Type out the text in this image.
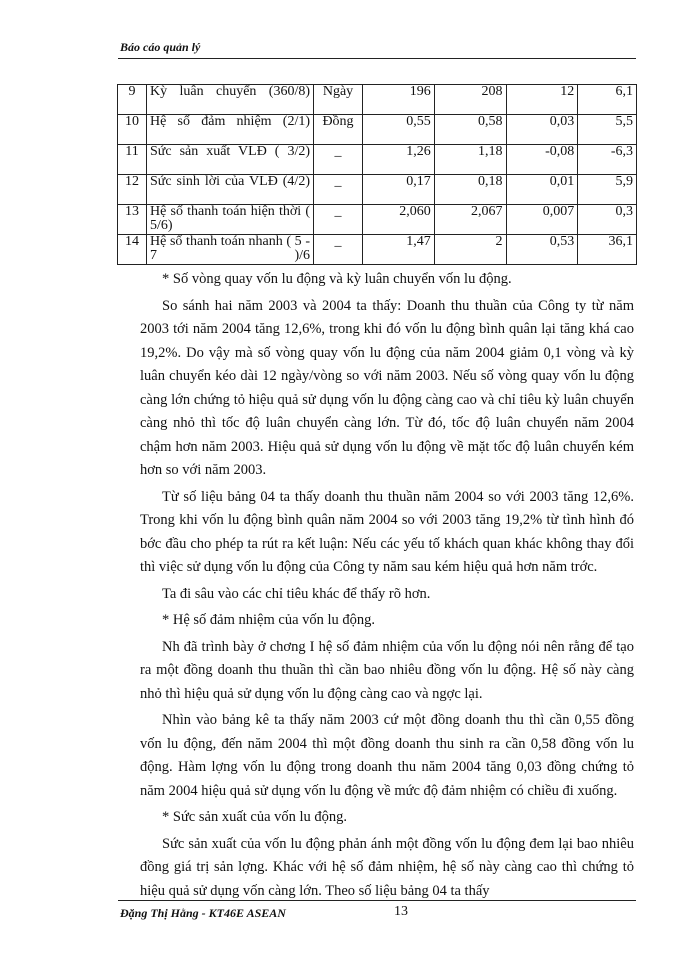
Báo cáo quản lý
9	Kỳ luân chuyển (360/8)	Ngày	196	208	12	6,1
10	Hệ số đảm nhiệm (2/1)	Đồng	0,55	0,58	0,03	5,5
11	Sức sản xuất VLĐ ( 3/2)	_	1,26	1,18	-0,08	-6,3
12	Sức sinh lời của VLĐ (4/2)	_	0,17	0,18	0,01	5,9
13	Hệ số thanh toán hiện thời ( 5/6)	_	2,060	2,067	0,007	0,3
14	Hệ số thanh toán nhanh ( 5 - 7 )/6	_	1,47	2	0,53	36,1

* Số vòng quay vốn lu động và kỳ luân chuyển vốn lu động.

So sánh hai năm 2003 và 2004 ta thấy: Doanh thu thuần của Công ty từ năm 2003 tới năm 2004 tăng 12,6%, trong khi đó vốn lu động bình quân lại tăng khá cao 19,2%. Do vậy mà số vòng quay vốn lu động của năm 2004 giảm 0,1 vòng và kỳ luân chuyển kéo dài 12 ngày/vòng so với năm 2003. Nếu số vòng quay vốn lu động càng lớn chứng tỏ hiệu quả sử dụng vốn lu động càng cao và chỉ tiêu kỳ luân chuyển càng nhỏ thì tốc độ luân chuyển càng lớn. Từ đó, tốc độ luân chuyển năm 2004 chậm hơn năm 2003. Hiệu quả sử dụng vốn lu động về mặt tốc độ luân chuyển kém hơn so với năm 2003.

Từ số liệu bảng 04 ta thấy doanh thu thuần năm 2004 so với 2003 tăng 12,6%. Trong khi vốn lu động bình quân năm 2004 so với 2003 tăng 19,2% từ tình hình đó bớc đầu cho phép ta rút ra kết luận: Nếu các yếu tố khách quan khác không thay đổi thì việc sử dụng vốn lu động của Công ty năm sau kém hiệu quả hơn năm trớc.

Ta đi sâu vào các chỉ tiêu khác để thấy rõ hơn.

* Hệ số đảm nhiệm của vốn lu động.

Nh đã trình bày ở chơng I hệ số đảm nhiệm của vốn lu động nói nên rằng để tạo ra một đồng doanh thu thuần thì cần bao nhiêu đồng vốn lu động. Hệ số này càng nhỏ thì hiệu quả sử dụng vốn lu động càng cao và ngợc lại.

Nhìn vào bảng kê ta thấy năm 2003 cứ một đồng doanh thu thì cần 0,55 đồng vốn lu động, đến năm 2004 thì một đồng doanh thu sinh ra cần 0,58 đồng vốn lu động. Hàm lợng vốn lu động trong doanh thu năm 2004 tăng 0,03 đồng chứng tỏ năm 2004 hiệu quả sử dụng vốn lu động về mức độ đảm nhiệm có chiều đi xuống.

* Sức sản xuất của vốn lu động.

Sức sản xuất của vốn lu động phản ánh một đồng vốn lu động đem lại bao nhiêu đồng giá trị sản lợng. Khác với hệ số đảm nhiệm, hệ số này càng cao thì chứng tỏ hiệu quả sử dụng vốn càng lớn. Theo số liệu bảng 04 ta thấy

Đặng Thị Hằng - KT46E ASEAN	13
